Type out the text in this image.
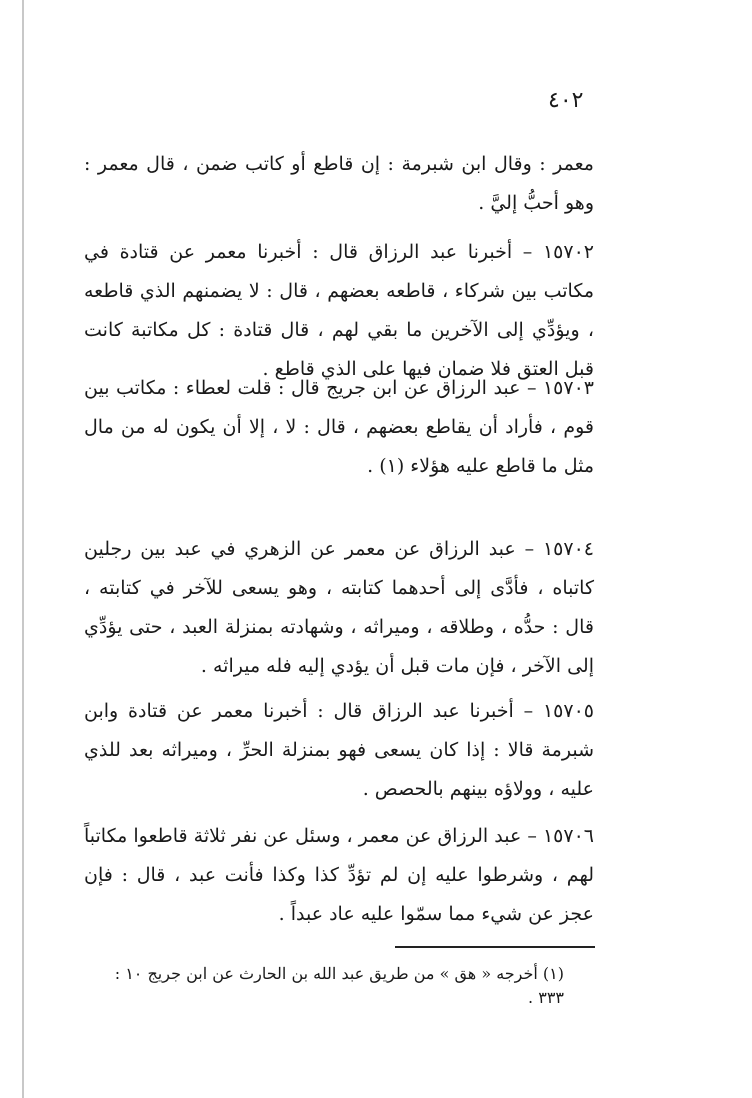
٤٠٢

معمر : وقال ابن شبرمة : إن قاطع أو كاتب ضمن ، قال معمر : وهو أحبُّ إليَّ .

١٥٧٠٢ – أخبرنا عبد الرزاق قال : أخبرنا معمر عن قتادة في مكاتب بين شركاء ، قاطعه بعضهم ، قال : لا يضمنهم الذي قاطعه ، ويؤدِّي إلى الآخرين ما بقي لهم ، قال قتادة : كل مكاتبة كانت قبل العتق فلا ضمان فيها على الذي قاطع .

١٥٧٠٣ – عبد الرزاق عن ابن جريج قال : قلت لعطاء : مكاتب بين قوم ، فأراد أن يقاطع بعضهم ، قال : لا ، إلا أن يكون له من مال مثل ما قاطع عليه هؤلاء (١) .

١٥٧٠٤ – عبد الرزاق عن معمر عن الزهري في عبد بين رجلين كاتباه ، فأدَّى إلى أحدهما كتابته ، وهو يسعى للآخر في كتابته ، قال : حدُّه ، وطلاقه ، وميراثه ، وشهادته بمنزلة العبد ، حتى يؤدِّي إلى الآخر ، فإن مات قبل أن يؤدي إليه فله ميراثه .

١٥٧٠٥ – أخبرنا عبد الرزاق قال : أخبرنا معمر عن قتادة وابن شبرمة قالا : إذا كان يسعى فهو بمنزلة الحرِّ ، وميراثه بعد للذي عليه ، وولاؤه بينهم بالحصص .

١٥٧٠٦ – عبد الرزاق عن معمر ، وسئل عن نفر ثلاثة قاطعوا مكاتباً لهم ، وشرطوا عليه إن لم تؤدِّ كذا وكذا فأنت عبد ، قال : فإن عجز عن شيء مما سمّوا عليه عاد عبداً .

(١) أخرجه « هق » من طريق عبد الله بن الحارث عن ابن جريج ١٠ : ٣٣٣ .
